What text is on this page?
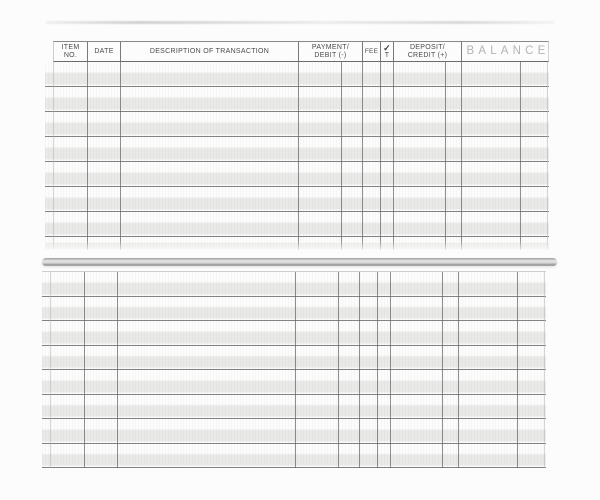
ITEM
NO.
DATE	DESCRIPTION OF TRANSACTION
PAYMENT/
DEBIT (-)
FEE ✓
T
DEPOSIT/
CREDIT (+)	BALANCE
